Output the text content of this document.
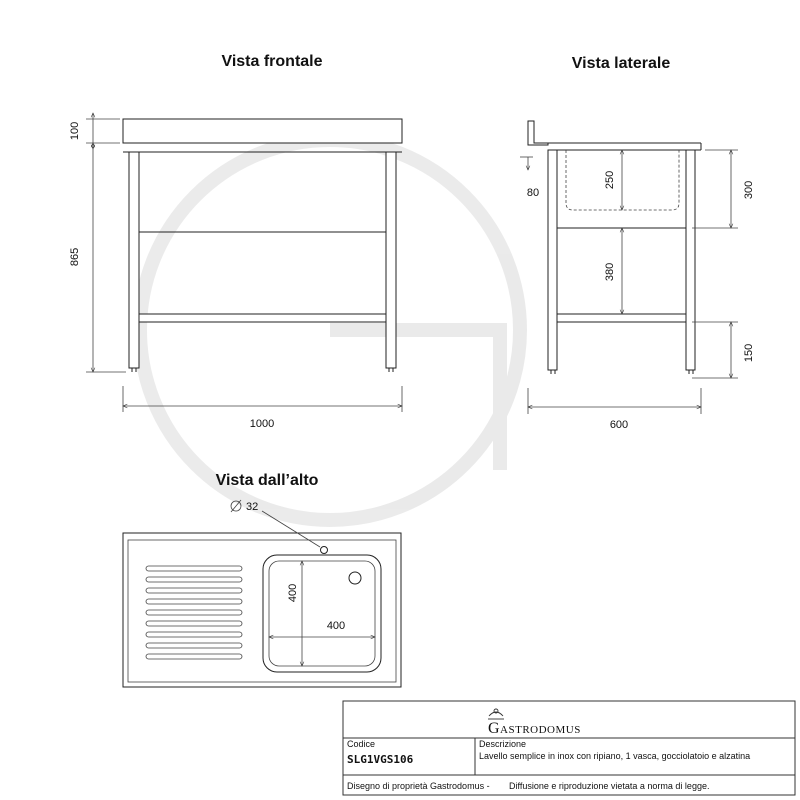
Vista frontale
100
865
1000
Vista laterale
80
250
380
300
150
600
Vista dall’alto
32
400
400
Gastrodomus
Codice
SLG1VGS106
Descrizione
Lavello semplice in inox con ripiano, 1 vasca, gocciolatoio e alzatina
Disegno di proprietà Gastrodomus - Diffusione e riproduzione vietata a norma di legge.
